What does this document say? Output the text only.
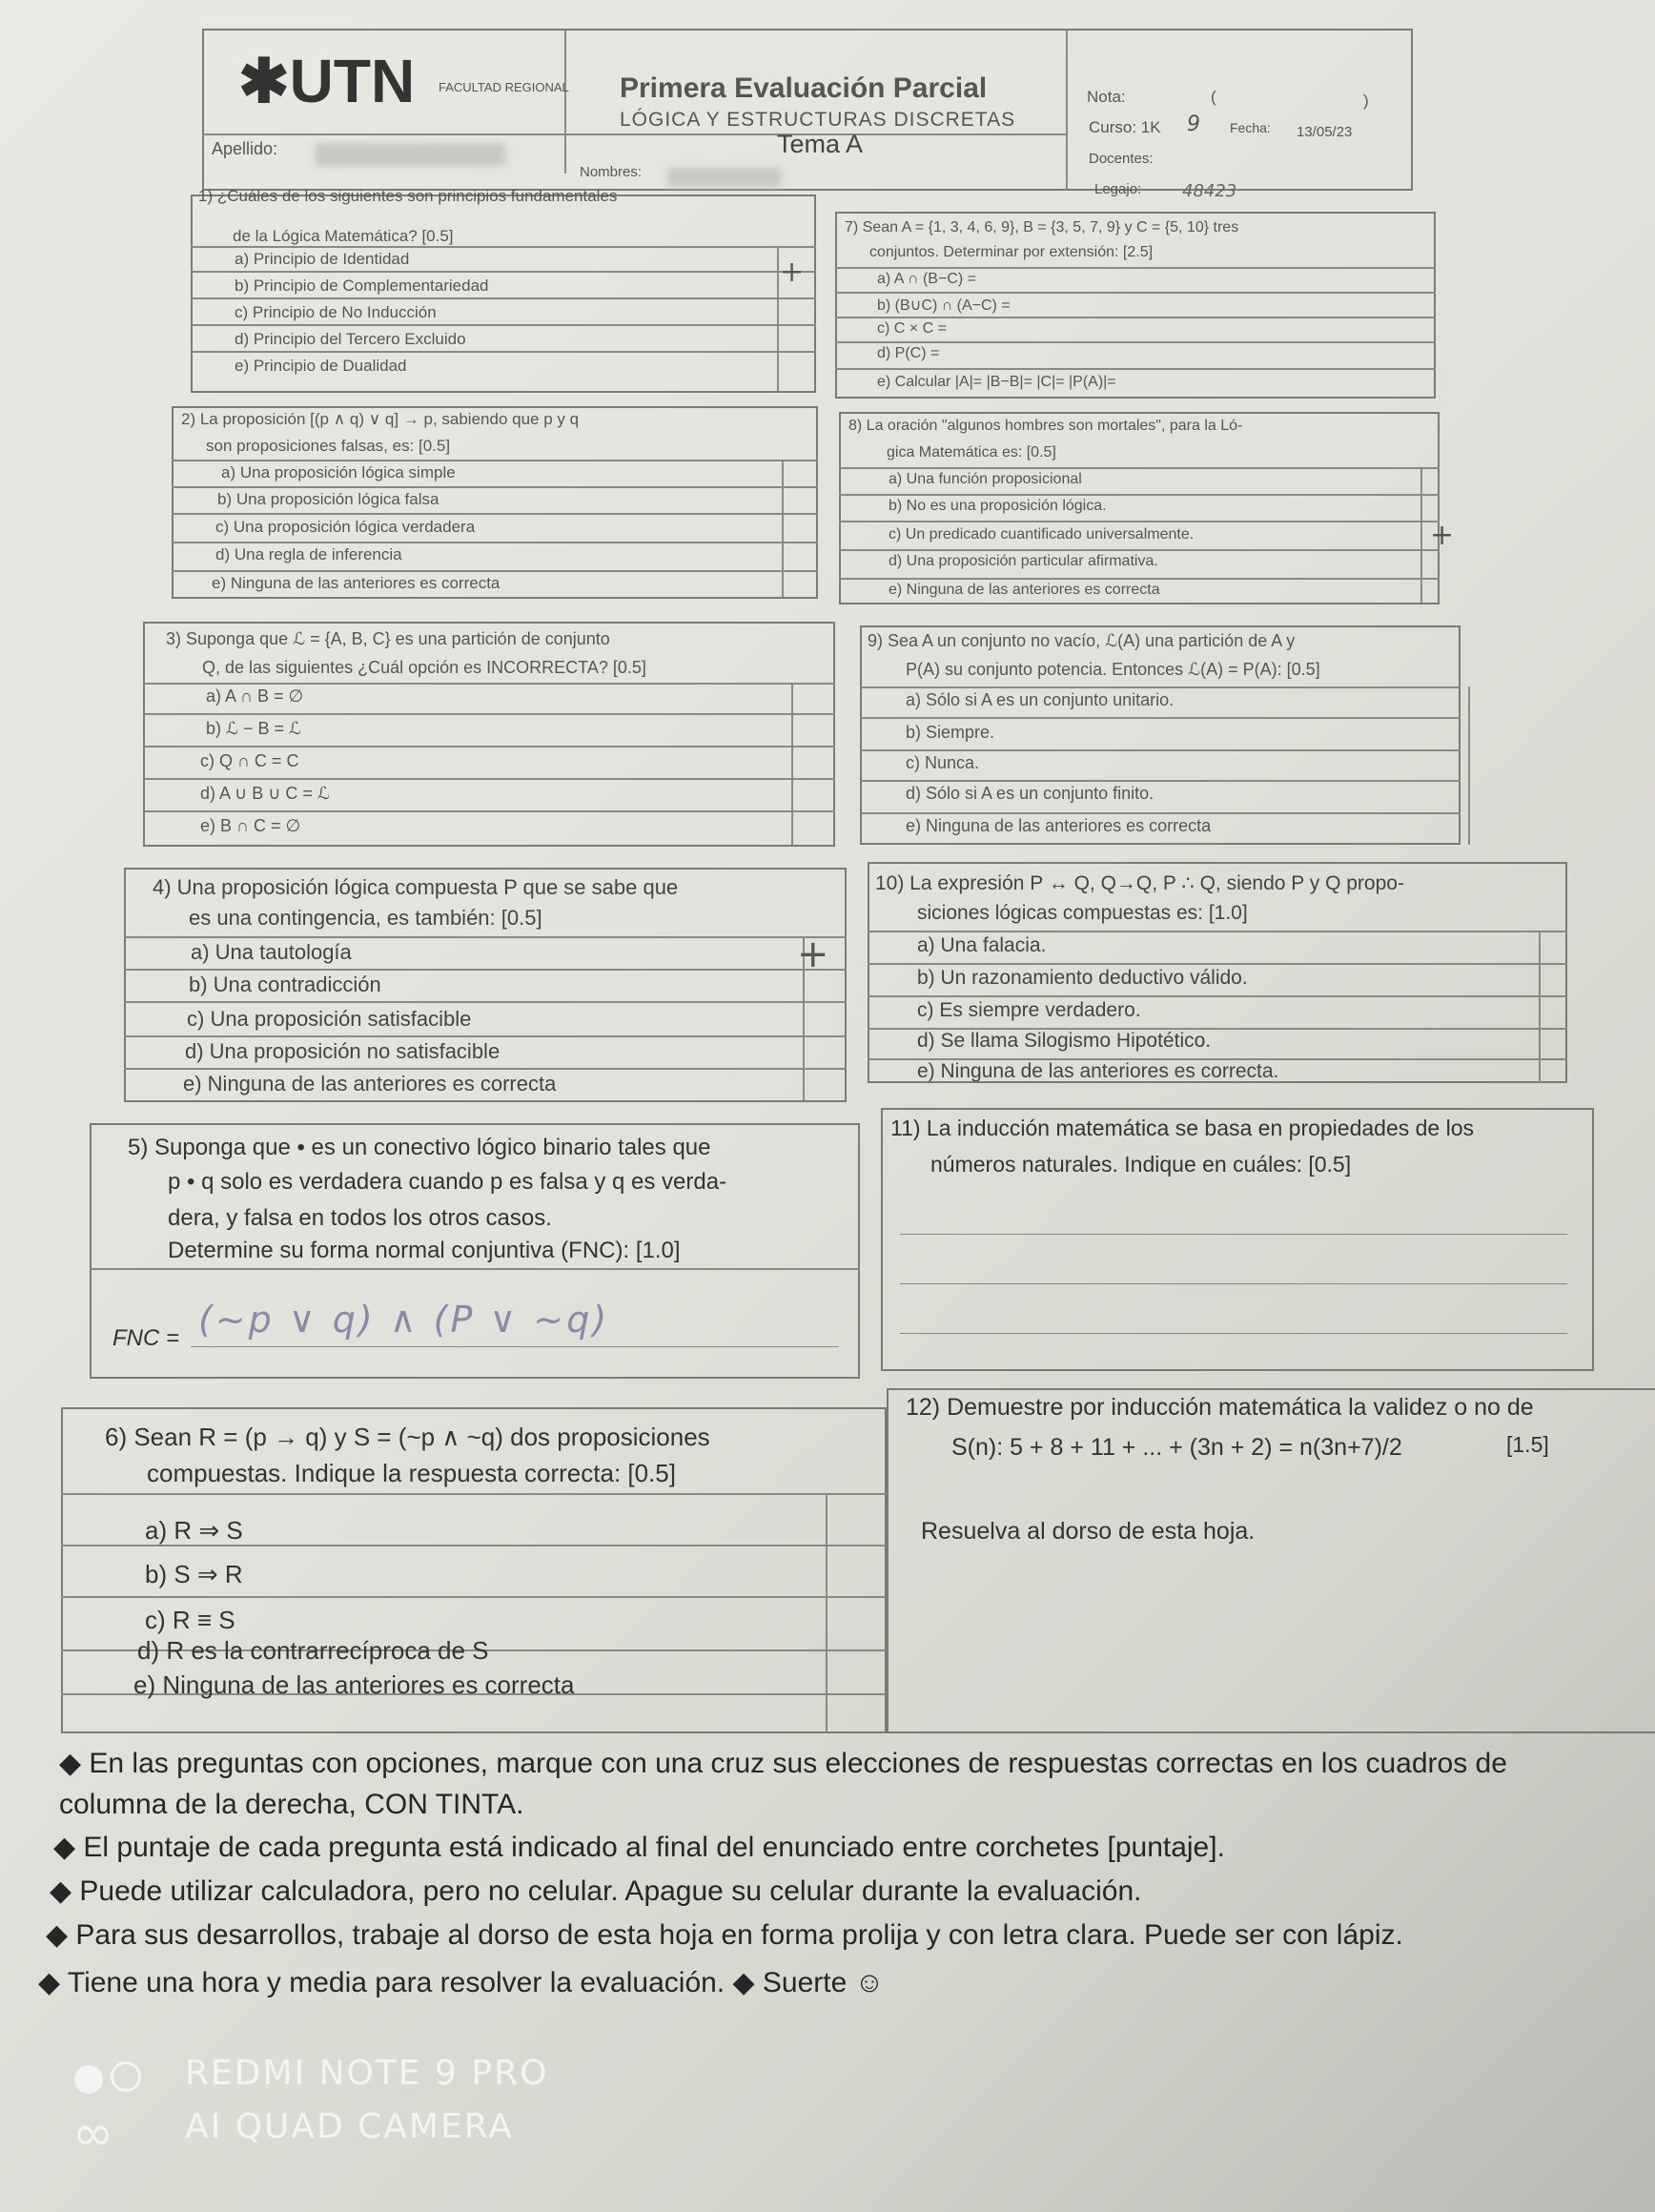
✱UTN FACULTAD REGIONAL Primera Evaluación Parcial
LÓGICA Y ESTRUCTURAS DISCRETAS
Tema A
Nota:	(	)
Curso: 1K 9 Fecha: 13/05/23
Docentes:
Apellido:
Nombres:
Legajo: 48423
1) ¿Cuáles de los siguientes son principios fundamentales
de la Lógica Matemática? [0.5]
a) Principio de Identidad
b) Principio de Complementariedad
c) Principio de No Inducción
d) Principio del Tercero Excluido
e) Principio de Dualidad
+
7) Sean A = {1, 3, 4, 6, 9}, B = {3, 5, 7, 9} y C = {5, 10} tres
conjuntos. Determinar por extensión: [2.5]
a) A ∩ (B−C) =
b) (B∪C) ∩ (A−C) =
c) C × C =
d) P(C) =
e) Calcular |A|= |B−B|= |C|= |P(A)|=
2) La proposición [(p ∧ q) ∨ q] → p, sabiendo que p y q
son proposiciones falsas, es: [0.5]
a) Una proposición lógica simple
b) Una proposición lógica falsa
c) Una proposición lógica verdadera
d) Una regla de inferencia
e) Ninguna de las anteriores es correcta
8) La oración "algunos hombres son mortales", para la Ló-
gica Matemática es: [0.5]
a) Una función proposicional
b) No es una proposición lógica.
c) Un predicado cuantificado universalmente.
d) Una proposición particular afirmativa.
e) Ninguna de las anteriores es correcta
+
3) Suponga que ℒ = {A, B, C} es una partición de conjunto
Q, de las siguientes ¿Cuál opción es INCORRECTA? [0.5]
a) A ∩ B = ∅
b) ℒ − B = ℒ
c) Q ∩ C = C
d) A ∪ B ∪ C = ℒ
e) B ∩ C = ∅
9) Sea A un conjunto no vacío, ℒ(A) una partición de A y
P(A) su conjunto potencia. Entonces ℒ(A) = P(A): [0.5]
a) Sólo si A es un conjunto unitario.
b) Siempre.
c) Nunca.
d) Sólo si A es un conjunto finito.
e) Ninguna de las anteriores es correcta
4) Una proposición lógica compuesta P que se sabe que
es una contingencia, es también: [0.5]
a) Una tautología
b) Una contradicción
c) Una proposición satisfacible
d) Una proposición no satisfacible
e) Ninguna de las anteriores es correcta
+
10) La expresión P ↔ Q, Q→Q, P ∴ Q, siendo P y Q propo-
siciones lógicas compuestas es: [1.0]
a) Una falacia.
b) Un razonamiento deductivo válido.
c) Es siempre verdadero.
d) Se llama Silogismo Hipotético.
e) Ninguna de las anteriores es correcta.
5) Suponga que • es un conectivo lógico binario tales que
p • q solo es verdadera cuando p es falsa y q es verda-
dera, y falsa en todos los otros casos.
Determine su forma normal conjuntiva (FNC): [1.0]
FNC = (~p ∨ q) ∧ (P ∨ ~q)
11) La inducción matemática se basa en propiedades de los
números naturales. Indique en cuáles: [0.5]
6) Sean R = (p → q) y S = (~p ∧ ~q) dos proposiciones
compuestas. Indique la respuesta correcta: [0.5]
a) R ⇒ S
b) S ⇒ R
c) R ≡ S
d) R es la contrarrecíproca de S
e) Ninguna de las anteriores es correcta
12) Demuestre por inducción matemática la validez o no de
S(n): 5 + 8 + 11 + ... + (3n + 2) = n(3n+7)/2	[1.5]
Resuelva al dorso de esta hoja.
◆ En las preguntas con opciones, marque con una cruz sus elecciones de respuestas correctas en los cuadros de
columna de la derecha, CON TINTA.
◆ El puntaje de cada pregunta está indicado al final del enunciado entre corchetes [puntaje].
◆ Puede utilizar calculadora, pero no celular. Apague su celular durante la evaluación.
◆ Para sus desarrollos, trabaje al dorso de esta hoja en forma prolija y con letra clara. Puede ser con lápiz.
◆ Tiene una hora y media para resolver la evaluación. ◆ Suerte ☺

REDMI NOTE 9 PRO
∞ AI QUAD CAMERA
